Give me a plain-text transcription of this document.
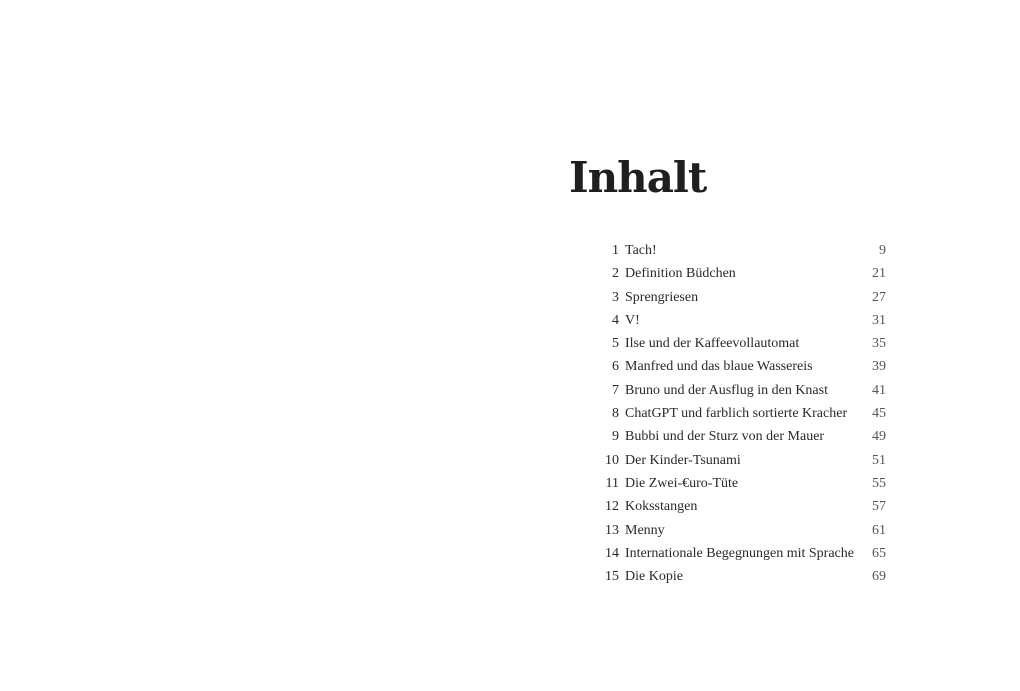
Inhalt
1 Tach!	9
2 Definition Büdchen	21
3 Sprengriesen	27
4 V!	31
5 Ilse und der Kaffeevollautomat	35
6 Manfred und das blaue Wassereis	39
7 Bruno und der Ausflug in den Knast	41
8 ChatGPT und farblich sortierte Kracher 45
9 Bubbi und der Sturz von der Mauer	49
10 Der Kinder-Tsunami	51
11 Die Zwei-€uro-Tüte	55
12 Koksstangen	57
13 Menny	61
14 Internationale Begegnungen mit Sprache 65
15 Die Kopie	69
